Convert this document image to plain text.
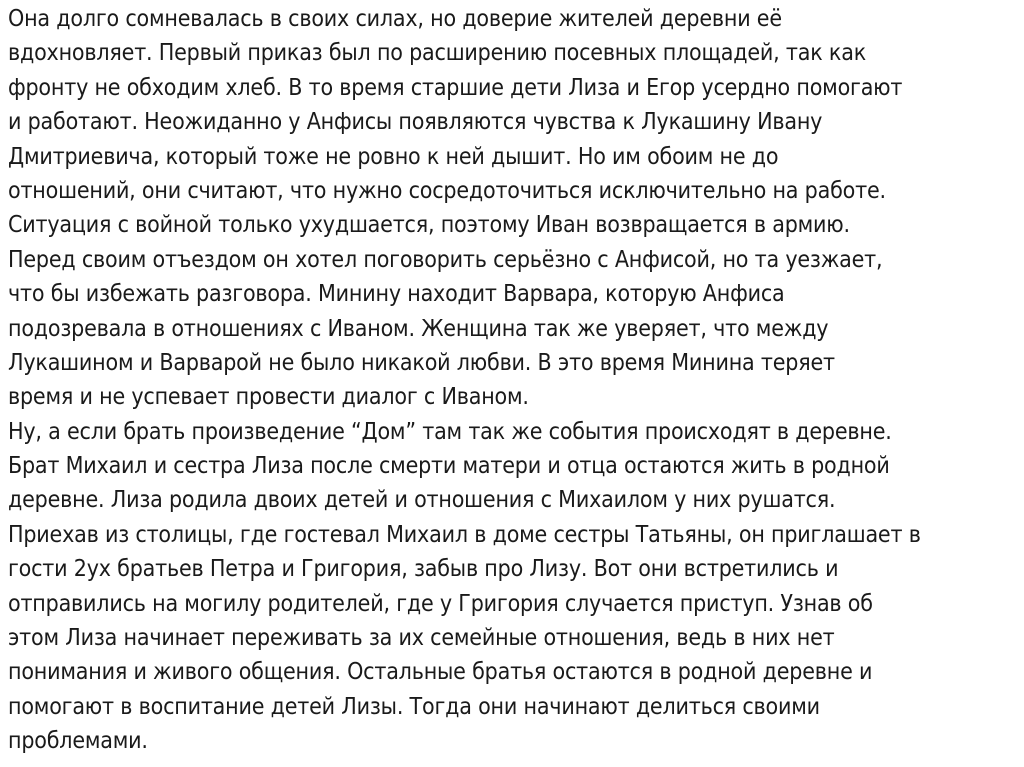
Она долго сомневалась в своих силах, но доверие жителей деревни её
вдохновляет. Первый приказ был по расширению посевных площадей, так как
фронту не обходим хлеб. В то время старшие дети Лиза и Егор усердно помогают
и работают. Неожиданно у Анфисы появляются чувства к Лукашину Ивану
Дмитриевича, который тоже не ровно к ней дышит. Но им обоим не до
отношений, они считают, что нужно сосредоточиться исключительно на работе.
Ситуация с войной только ухудшается, поэтому Иван возвращается в армию.
Перед своим отъездом он хотел поговорить серьёзно с Анфисой, но та уезжает,
что бы избежать разговора. Минину находит Варвара, которую Анфиса
подозревала в отношениях с Иваном. Женщина так же уверяет, что между
Лукашином и Варварой не было никакой любви. В это время Минина теряет
время и не успевает провести диалог с Иваном.
Ну, а если брать произведение “Дом” там так же события происходят в деревне.
Брат Михаил и сестра Лиза после смерти матери и отца остаются жить в родной
деревне. Лиза родила двоих детей и отношения с Михаилом у них рушатся.
Приехав из столицы, где гостевал Михаил в доме сестры Татьяны, он приглашает в
гости 2ух братьев Петра и Григория, забыв про Лизу. Вот они встретились и
отправились на могилу родителей, где у Григория случается приступ. Узнав об
этом Лиза начинает переживать за их семейные отношения, ведь в них нет
понимания и живого общения. Остальные братья остаются в родной деревне и
помогают в воспитание детей Лизы. Тогда они начинают делиться своими
проблемами.
